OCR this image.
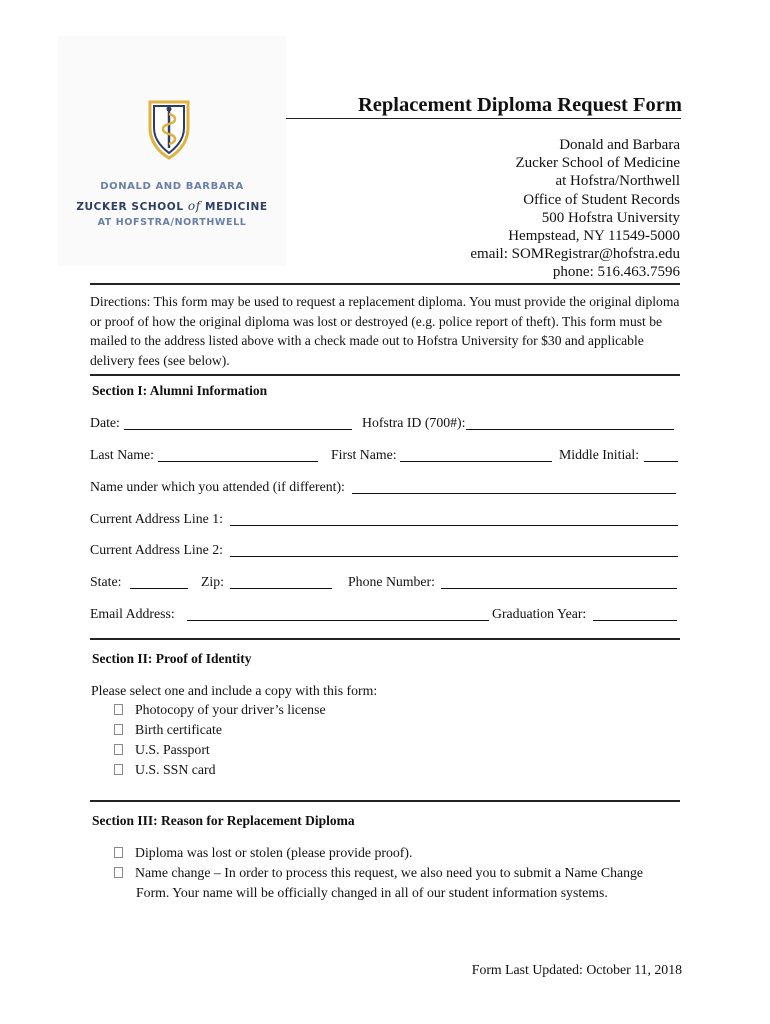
DONALD AND BARBARA
ZUCKER SCHOOL of MEDICINE
AT HOFSTRA/NORTHWELL
Replacement Diploma Request Form
Donald and Barbara
Zucker School of Medicine
at Hofstra/Northwell
Office of Student Records
500 Hofstra University
Hempstead, NY 11549-5000
email: SOMRegistrar@hofstra.edu
phone: 516.463.7596
Directions: This form may be used to request a replacement diploma. You must provide the original diploma or proof of how the original diploma was lost or destroyed (e.g. police report of theft). This form must be mailed to the address listed above with a check made out to Hofstra University for $30 and applicable delivery fees (see below).
Section I: Alumni Information
Date:	Hofstra ID (700#):
Last Name:	First Name:	Middle Initial:
Name under which you attended (if different):
Current Address Line 1:
Current Address Line 2:
State:	Zip:	Phone Number:
Email Address:	Graduation Year:
Section II: Proof of Identity
Please select one and include a copy with this form:
Photocopy of your driver’s license
Birth certificate
U.S. Passport
U.S. SSN card
Section III: Reason for Replacement Diploma
Diploma was lost or stolen (please provide proof).
Name change – In order to process this request, we also need you to submit a Name Change
Form. Your name will be officially changed in all of our student information systems.
Form Last Updated: October 11, 2018
